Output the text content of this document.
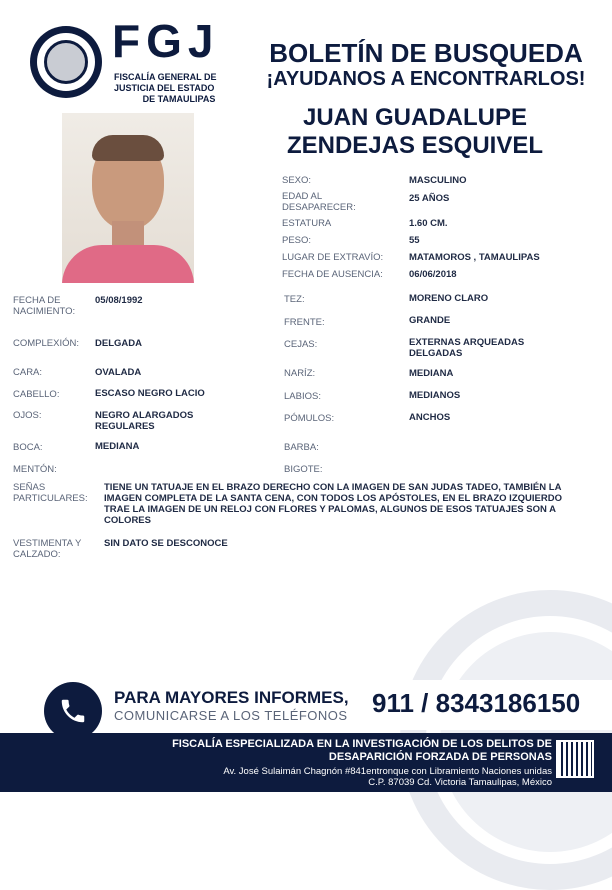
FGJ
FISCALÍA GENERAL DE
JUSTICIA DEL ESTADO
DE TAMAULIPAS
BOLETÍN DE BUSQUEDA
¡AYUDANOS A ENCONTRARLOS!
JUAN GUADALUPE
ZENDEJAS ESQUIVEL
SEXO:	MASCULINO
EDAD AL
DESAPARECER:
25 AÑOS
ESTATURA	1.60 CM.
PESO:	55
LUGAR DE EXTRAVÍO:	MATAMOROS , TAMAULIPAS
FECHA DE AUSENCIA:	06/06/2018
FECHA DE
NACIMIENTO:
05/08/1992
COMPLEXIÓN: DELGADA
CARA:	OVALADA
CABELLO:	ESCASO NEGRO LACIO
OJOS:	NEGRO ALARGADOS
REGULARES
BOCA:	MEDIANA
MENTÓN:
TEZ:	MORENO CLARO
FRENTE:	GRANDE
CEJAS:	EXTERNAS ARQUEADAS
DELGADAS
NARÍZ:	MEDIANA
LABIOS:	MEDIANOS
PÓMULOS:	ANCHOS
BARBA:
BIGOTE:
SEÑAS
PARTICULARES:
TIENE UN TATUAJE EN EL BRAZO DERECHO CON LA IMAGEN DE SAN JUDAS TADEO, TAMBIÉN LA IMAGEN COMPLETA DE LA SANTA CENA, CON TODOS LOS APÓSTOLES, EN EL BRAZO IZQUIERDO TRAE LA IMAGEN DE UN RELOJ CON FLORES Y PALOMAS, ALGUNOS DE ESOS TATUAJES SON A COLORES
VESTIMENTA Y
CALZADO:
SIN DATO SE DESCONOCE
PARA MAYORES INFORMES,
COMUNICARSE A LOS TELÉFONOS 911 / 8343186150
FISCALÍA ESPECIALIZADA EN LA INVESTIGACIÓN DE LOS DELITOS DE
DESAPARICIÓN FORZADA DE PERSONAS
Av. José Sulaimán Chagnón #841entronque con Libramiento Naciones unidas
C.P. 87039 Cd. Victoria Tamaulipas, México
